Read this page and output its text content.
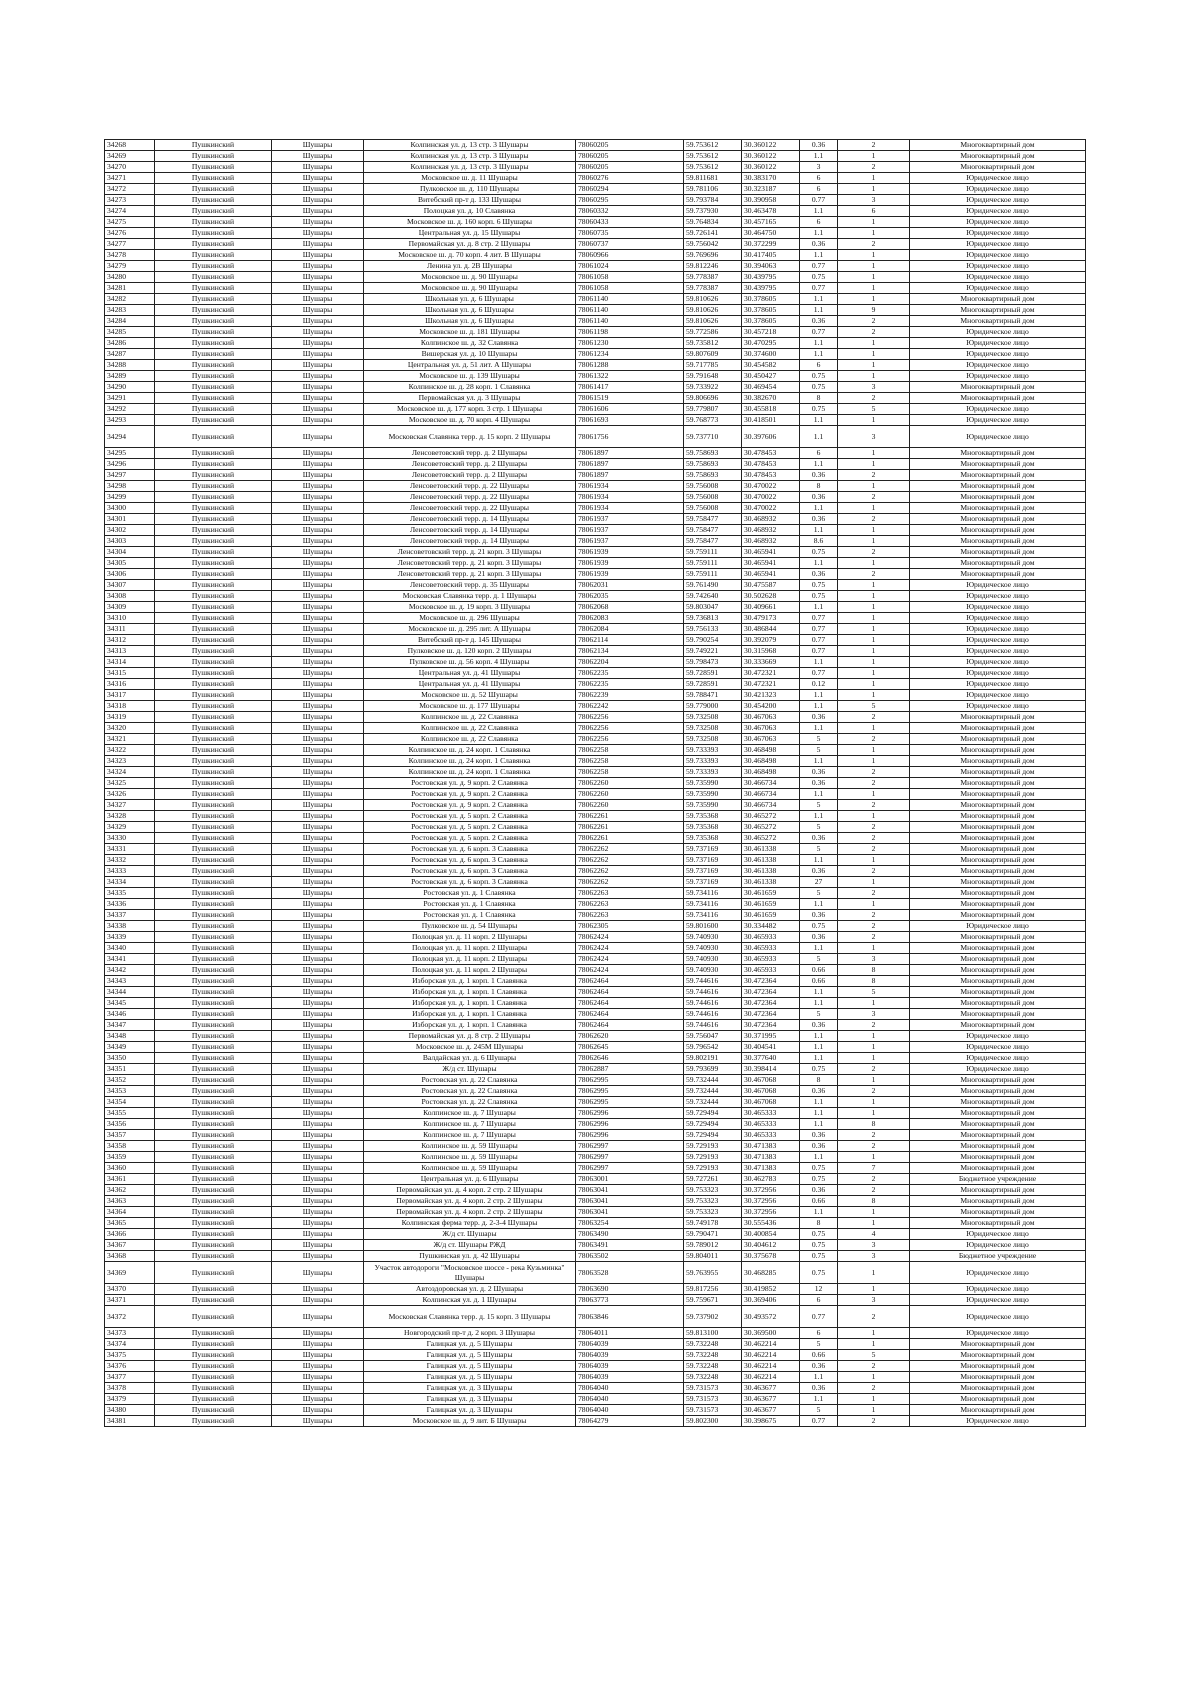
34268	Пушкинский	Шушары	Колпинская ул. д. 13 стр. 3 Шушары	78060205	59.753612	30.360122	0.36	2	Многоквартирный дом
34269	Пушкинский	Шушары	Колпинская ул. д. 13 стр. 3 Шушары	78060205	59.753612	30.360122	1.1	1	Многоквартирный дом
34270	Пушкинский	Шушары	Колпинская ул. д. 13 стр. 3 Шушары	78060205	59.753612	30.360122	3	2	Многоквартирный дом
34271	Пушкинский	Шушары	Московское ш. д. 11 Шушары	78060276	59.811681	30.383170	6	1	Юридическое лицо
34272	Пушкинский	Шушары	Пулковское ш. д. 110 Шушары	78060294	59.781106	30.323187	6	1	Юридическое лицо
34273	Пушкинский	Шушары	Витебский пр-т д. 133 Шушары	78060295	59.793784	30.390958	0.77	3	Юридическое лицо
34274	Пушкинский	Шушары	Полоцкая ул. д. 10 Славянка	78060332	59.737930	30.463478	1.1	6	Юридическое лицо
34275	Пушкинский	Шушары	Московское ш. д. 160 корп. 6 Шушары	78060433	59.764834	30.457165	6	1	Юридическое лицо
34276	Пушкинский	Шушары	Центральная ул. д. 15 Шушары	78060735	59.726141	30.464750	1.1	1	Юридическое лицо
34277	Пушкинский	Шушары	Первомайская ул. д. 8 стр. 2 Шушары	78060737	59.756042	30.372299	0.36	2	Юридическое лицо
34278	Пушкинский	Шушары	Московское ш. д. 70 корп. 4 лит. В Шушары	78060966	59.769696	30.417405	1.1	1	Юридическое лицо
34279	Пушкинский	Шушары	Ленина ул. д. 2В Шушары	78061024	59.812246	30.394063	0.77	1	Юридическое лицо
34280	Пушкинский	Шушары	Московское ш. д. 90 Шушары	78061058	59.778387	30.439795	0.75	1	Юридическое лицо
34281	Пушкинский	Шушары	Московское ш. д. 90 Шушары	78061058	59.778387	30.439795	0.77	1	Юридическое лицо
34282	Пушкинский	Шушары	Школьная ул. д. 6 Шушары	78061140	59.810626	30.378605	1.1	1	Многоквартирный дом
34283	Пушкинский	Шушары	Школьная ул. д. 6 Шушары	78061140	59.810626	30.378605	1.1	9	Многоквартирный дом
34284	Пушкинский	Шушары	Школьная ул. д. 6 Шушары	78061140	59.810626	30.378605	0.36	2	Многоквартирный дом
34285	Пушкинский	Шушары	Московское ш. д. 181 Шушары	78061198	59.772586	30.457218	0.77	2	Юридическое лицо
34286	Пушкинский	Шушары	Колпинское ш. д. 32 Славянка	78061230	59.735812	30.470295	1.1	1	Юридическое лицо
34287	Пушкинский	Шушары	Вишерская ул. д. 10 Шушары	78061234	59.807609	30.374600	1.1	1	Юридическое лицо
34288	Пушкинский	Шушары	Центральная ул. д. 51 лит. А Шушары	78061288	59.717785	30.454582	6	1	Юридическое лицо
34289	Пушкинский	Шушары	Московское ш. д. 139 Шушары	78061322	59.791648	30.450427	0.75	1	Юридическое лицо
34290	Пушкинский	Шушары	Колпинское ш. д. 28 корп. 1 Славянка	78061417	59.733922	30.469454	0.75	3	Многоквартирный дом
34291	Пушкинский	Шушары	Первомайская ул. д. 3 Шушары	78061519	59.806696	30.382670	8	2	Многоквартирный дом
34292	Пушкинский	Шушары	Московское ш. д. 177 корп. 3 стр. 1 Шушары	78061606	59.779807	30.455818	0.75	5	Юридическое лицо
34293	Пушкинский	Шушары	Московское ш. д. 70 корп. 4 Шушары	78061693	59.768773	30.418501	1.1	1	Юридическое лицо
34294	Пушкинский	Шушары	Московская Славянка терр. д. 15 корп. 2 Шушары	78061756	59.737710	30.397606	1.1	3	Юридическое лицо
34295	Пушкинский	Шушары	Ленсоветовский терр. д. 2 Шушары	78061897	59.758693	30.478453	6	1	Многоквартирный дом
34296	Пушкинский	Шушары	Ленсоветовский терр. д. 2 Шушары	78061897	59.758693	30.478453	1.1	1	Многоквартирный дом
34297	Пушкинский	Шушары	Ленсоветовский терр. д. 2 Шушары	78061897	59.758693	30.478453	0.36	2	Многоквартирный дом
34298	Пушкинский	Шушары	Ленсоветовский терр. д. 22 Шушары	78061934	59.756008	30.470022	8	1	Многоквартирный дом
34299	Пушкинский	Шушары	Ленсоветовский терр. д. 22 Шушары	78061934	59.756008	30.470022	0.36	2	Многоквартирный дом
34300	Пушкинский	Шушары	Ленсоветовский терр. д. 22 Шушары	78061934	59.756008	30.470022	1.1	1	Многоквартирный дом
34301	Пушкинский	Шушары	Ленсоветовский терр. д. 14 Шушары	78061937	59.758477	30.468932	0.36	2	Многоквартирный дом
34302	Пушкинский	Шушары	Ленсоветовский терр. д. 14 Шушары	78061937	59.758477	30.468932	1.1	1	Многоквартирный дом
34303	Пушкинский	Шушары	Ленсоветовский терр. д. 14 Шушары	78061937	59.758477	30.468932	8.6	1	Многоквартирный дом
34304	Пушкинский	Шушары	Ленсоветовский терр. д. 21 корп. 3 Шушары	78061939	59.759111	30.465941	0.75	2	Многоквартирный дом
34305	Пушкинский	Шушары	Ленсоветовский терр. д. 21 корп. 3 Шушары	78061939	59.759111	30.465941	1.1	1	Многоквартирный дом
34306	Пушкинский	Шушары	Ленсоветовский терр. д. 21 корп. 3 Шушары	78061939	59.759111	30.465941	0.36	2	Многоквартирный дом
34307	Пушкинский	Шушары	Ленсоветовский терр. д. 35 Шушары	78062031	59.761490	30.475587	0.75	1	Юридическое лицо
34308	Пушкинский	Шушары	Московская Славянка терр. д. 1 Шушары	78062035	59.742640	30.502628	0.75	1	Юридическое лицо
34309	Пушкинский	Шушары	Московское ш. д. 19 корп. 3 Шушары	78062068	59.803047	30.409661	1.1	1	Юридическое лицо
34310	Пушкинский	Шушары	Московское ш. д. 296 Шушары	78062083	59.736813	30.479173	0.77	1	Юридическое лицо
34311	Пушкинский	Шушары	Московское ш. д. 295 лит. А Шушары	78062084	59.756133	30.486844	0.77	1	Юридическое лицо
34312	Пушкинский	Шушары	Витебский пр-т д. 145 Шушары	78062114	59.790254	30.392079	0.77	1	Юридическое лицо
34313	Пушкинский	Шушары	Пулковское ш. д. 120 корп. 2 Шушары	78062134	59.749221	30.315968	0.77	1	Юридическое лицо
34314	Пушкинский	Шушары	Пулковское ш. д. 56 корп. 4 Шушары	78062204	59.798473	30.333669	1.1	1	Юридическое лицо
34315	Пушкинский	Шушары	Центральная ул. д. 41 Шушары	78062235	59.728591	30.472321	0.77	1	Юридическое лицо
34316	Пушкинский	Шушары	Центральная ул. д. 41 Шушары	78062235	59.728591	30.472321	0.12	1	Юридическое лицо
34317	Пушкинский	Шушары	Московское ш. д. 52 Шушары	78062239	59.788471	30.421323	1.1	1	Юридическое лицо
34318	Пушкинский	Шушары	Московское ш. д. 177 Шушары	78062242	59.779000	30.454200	1.1	5	Юридическое лицо
34319	Пушкинский	Шушары	Колпинское ш. д. 22 Славянка	78062256	59.732508	30.467063	0.36	2	Многоквартирный дом
34320	Пушкинский	Шушары	Колпинское ш. д. 22 Славянка	78062256	59.732508	30.467063	1.1	1	Многоквартирный дом
34321	Пушкинский	Шушары	Колпинское ш. д. 22 Славянка	78062256	59.732508	30.467063	5	2	Многоквартирный дом
34322	Пушкинский	Шушары	Колпинское ш. д. 24 корп. 1 Славянка	78062258	59.733393	30.468498	5	1	Многоквартирный дом
34323	Пушкинский	Шушары	Колпинское ш. д. 24 корп. 1 Славянка	78062258	59.733393	30.468498	1.1	1	Многоквартирный дом
34324	Пушкинский	Шушары	Колпинское ш. д. 24 корп. 1 Славянка	78062258	59.733393	30.468498	0.36	2	Многоквартирный дом
34325	Пушкинский	Шушары	Ростовская ул. д. 9 корп. 2 Славянка	78062260	59.735990	30.466734	0.36	2	Многоквартирный дом
34326	Пушкинский	Шушары	Ростовская ул. д. 9 корп. 2 Славянка	78062260	59.735990	30.466734	1.1	1	Многоквартирный дом
34327	Пушкинский	Шушары	Ростовская ул. д. 9 корп. 2 Славянка	78062260	59.735990	30.466734	5	2	Многоквартирный дом
34328	Пушкинский	Шушары	Ростовская ул. д. 5 корп. 2 Славянка	78062261	59.735368	30.465272	1.1	1	Многоквартирный дом
34329	Пушкинский	Шушары	Ростовская ул. д. 5 корп. 2 Славянка	78062261	59.735368	30.465272	5	2	Многоквартирный дом
34330	Пушкинский	Шушары	Ростовская ул. д. 5 корп. 2 Славянка	78062261	59.735368	30.465272	0.36	2	Многоквартирный дом
34331	Пушкинский	Шушары	Ростовская ул. д. 6 корп. 3 Славянка	78062262	59.737169	30.461338	5	2	Многоквартирный дом
34332	Пушкинский	Шушары	Ростовская ул. д. 6 корп. 3 Славянка	78062262	59.737169	30.461338	1.1	1	Многоквартирный дом
34333	Пушкинский	Шушары	Ростовская ул. д. 6 корп. 3 Славянка	78062262	59.737169	30.461338	0.36	2	Многоквартирный дом
34334	Пушкинский	Шушары	Ростовская ул. д. 6 корп. 3 Славянка	78062262	59.737169	30.461338	27	1	Многоквартирный дом
34335	Пушкинский	Шушары	Ростовская ул. д. 1 Славянка	78062263	59.734116	30.461659	5	2	Многоквартирный дом
34336	Пушкинский	Шушары	Ростовская ул. д. 1 Славянка	78062263	59.734116	30.461659	1.1	1	Многоквартирный дом
34337	Пушкинский	Шушары	Ростовская ул. д. 1 Славянка	78062263	59.734116	30.461659	0.36	2	Многоквартирный дом
34338	Пушкинский	Шушары	Пулковское ш. д. 54 Шушары	78062305	59.801600	30.334482	0.75	2	Юридическое лицо
34339	Пушкинский	Шушары	Полоцкая ул. д. 11 корп. 2 Шушары	78062424	59.740930	30.465933	0.36	2	Многоквартирный дом
34340	Пушкинский	Шушары	Полоцкая ул. д. 11 корп. 2 Шушары	78062424	59.740930	30.465933	1.1	1	Многоквартирный дом
34341	Пушкинский	Шушары	Полоцкая ул. д. 11 корп. 2 Шушары	78062424	59.740930	30.465933	5	3	Многоквартирный дом
34342	Пушкинский	Шушары	Полоцкая ул. д. 11 корп. 2 Шушары	78062424	59.740930	30.465933	0.66	8	Многоквартирный дом
34343	Пушкинский	Шушары	Изборская ул. д. 1 корп. 1 Славянка	78062464	59.744616	30.472364	0.66	8	Многоквартирный дом
34344	Пушкинский	Шушары	Изборская ул. д. 1 корп. 1 Славянка	78062464	59.744616	30.472364	1.1	5	Многоквартирный дом
34345	Пушкинский	Шушары	Изборская ул. д. 1 корп. 1 Славянка	78062464	59.744616	30.472364	1.1	1	Многоквартирный дом
34346	Пушкинский	Шушары	Изборская ул. д. 1 корп. 1 Славянка	78062464	59.744616	30.472364	5	3	Многоквартирный дом
34347	Пушкинский	Шушары	Изборская ул. д. 1 корп. 1 Славянка	78062464	59.744616	30.472364	0.36	2	Многоквартирный дом
34348	Пушкинский	Шушары	Первомайская ул. д. 8 стр. 2 Шушары	78062620	59.756047	30.371995	1.1	1	Юридическое лицо
34349	Пушкинский	Шушары	Московское ш. д. 245M Шушары	78062645	59.796542	30.404541	1.1	1	Юридическое лицо
34350	Пушкинский	Шушары	Валдайская ул. д. 6 Шушары	78062646	59.802191	30.377640	1.1	1	Юридическое лицо
34351	Пушкинский	Шушары	Ж/д ст. Шушары	78062887	59.793699	30.398414	0.75	2	Юридическое лицо
34352	Пушкинский	Шушары	Ростовская ул. д. 22 Славянка	78062995	59.732444	30.467068	8	1	Многоквартирный дом
34353	Пушкинский	Шушары	Ростовская ул. д. 22 Славянка	78062995	59.732444	30.467068	0.36	2	Многоквартирный дом
34354	Пушкинский	Шушары	Ростовская ул. д. 22 Славянка	78062995	59.732444	30.467068	1.1	1	Многоквартирный дом
34355	Пушкинский	Шушары	Колпинское ш. д. 7 Шушары	78062996	59.729494	30.465333	1.1	1	Многоквартирный дом
34356	Пушкинский	Шушары	Колпинское ш. д. 7 Шушары	78062996	59.729494	30.465333	1.1	8	Многоквартирный дом
34357	Пушкинский	Шушары	Колпинское ш. д. 7 Шушары	78062996	59.729494	30.465333	0.36	2	Многоквартирный дом
34358	Пушкинский	Шушары	Колпинское ш. д. 59 Шушары	78062997	59.729193	30.471383	0.36	2	Многоквартирный дом
34359	Пушкинский	Шушары	Колпинское ш. д. 59 Шушары	78062997	59.729193	30.471383	1.1	1	Многоквартирный дом
34360	Пушкинский	Шушары	Колпинское ш. д. 59 Шушары	78062997	59.729193	30.471383	0.75	7	Многоквартирный дом
34361	Пушкинский	Шушары	Центральная ул. д. 6 Шушары	78063001	59.727261	30.462783	0.75	2	Бюджетное учреждение
34362	Пушкинский	Шушары	Первомайская ул. д. 4 корп. 2 стр. 2 Шушары	78063041	59.753323	30.372956	0.36	2	Многоквартирный дом
34363	Пушкинский	Шушары	Первомайская ул. д. 4 корп. 2 стр. 2 Шушары	78063041	59.753323	30.372956	0.66	8	Многоквартирный дом
34364	Пушкинский	Шушары	Первомайская ул. д. 4 корп. 2 стр. 2 Шушары	78063041	59.753323	30.372956	1.1	1	Многоквартирный дом
34365	Пушкинский	Шушары	Колпинская ферма терр. д. 2-3-4 Шушары	78063254	59.749178	30.555436	8	1	Многоквартирный дом
34366	Пушкинский	Шушары	Ж/д ст. Шушары	78063490	59.790471	30.400854	0.75	4	Юридическое лицо
34367	Пушкинский	Шушары	Ж/д ст. Шушары РЖД	78063491	59.789012	30.404612	0.75	3	Юридическое лицо
34368	Пушкинский	Шушары	Пушкинская ул. д. 42 Шушары	78063502	59.804011	30.375678	0.75	3	Бюджетное учреждение
34369	Пушкинский	Шушары	Участок автодороги "Московское шоссе - река Кузьминка" Шушары	78063528	59.763955	30.468285	0.75	1	Юридическое лицо
34370	Пушкинский	Шушары	Автоздоровская ул. д. 2 Шушары	78063690	59.817256	30.419852	12	1	Юридическое лицо
34371	Пушкинский	Шушары	Колпинская ул. д. 1 Шушары	78063773	59.759671	30.369406	6	3	Юридическое лицо
34372	Пушкинский	Шушары	Московская Славянка терр. д. 15 корп. 3 Шушары	78063846	59.737902	30.493572	0.77	2	Юридическое лицо
34373	Пушкинский	Шушары	Новгородский пр-т д. 2 корп. 3 Шушары	78064011	59.813100	30.369500	6	1	Юридическое лицо
34374	Пушкинский	Шушары	Галицкая ул. д. 5 Шушары	78064039	59.732248	30.462214	5	1	Многоквартирный дом
34375	Пушкинский	Шушары	Галицкая ул. д. 5 Шушары	78064039	59.732248	30.462214	0.66	5	Многоквартирный дом
34376	Пушкинский	Шушары	Галицкая ул. д. 5 Шушары	78064039	59.732248	30.462214	0.36	2	Многоквартирный дом
34377	Пушкинский	Шушары	Галицкая ул. д. 5 Шушары	78064039	59.732248	30.462214	1.1	1	Многоквартирный дом
34378	Пушкинский	Шушары	Галицкая ул. д. 3 Шушары	78064040	59.731573	30.463677	0.36	2	Многоквартирный дом
34379	Пушкинский	Шушары	Галицкая ул. д. 3 Шушары	78064040	59.731573	30.463677	1.1	1	Многоквартирный дом
34380	Пушкинский	Шушары	Галицкая ул. д. 3 Шушары	78064040	59.731573	30.463677	5	1	Многоквартирный дом
34381	Пушкинский	Шушары	Московское ш. д. 9 лит. Б Шушары	78064279	59.802300	30.398675	0.77	2	Юридическое лицо
